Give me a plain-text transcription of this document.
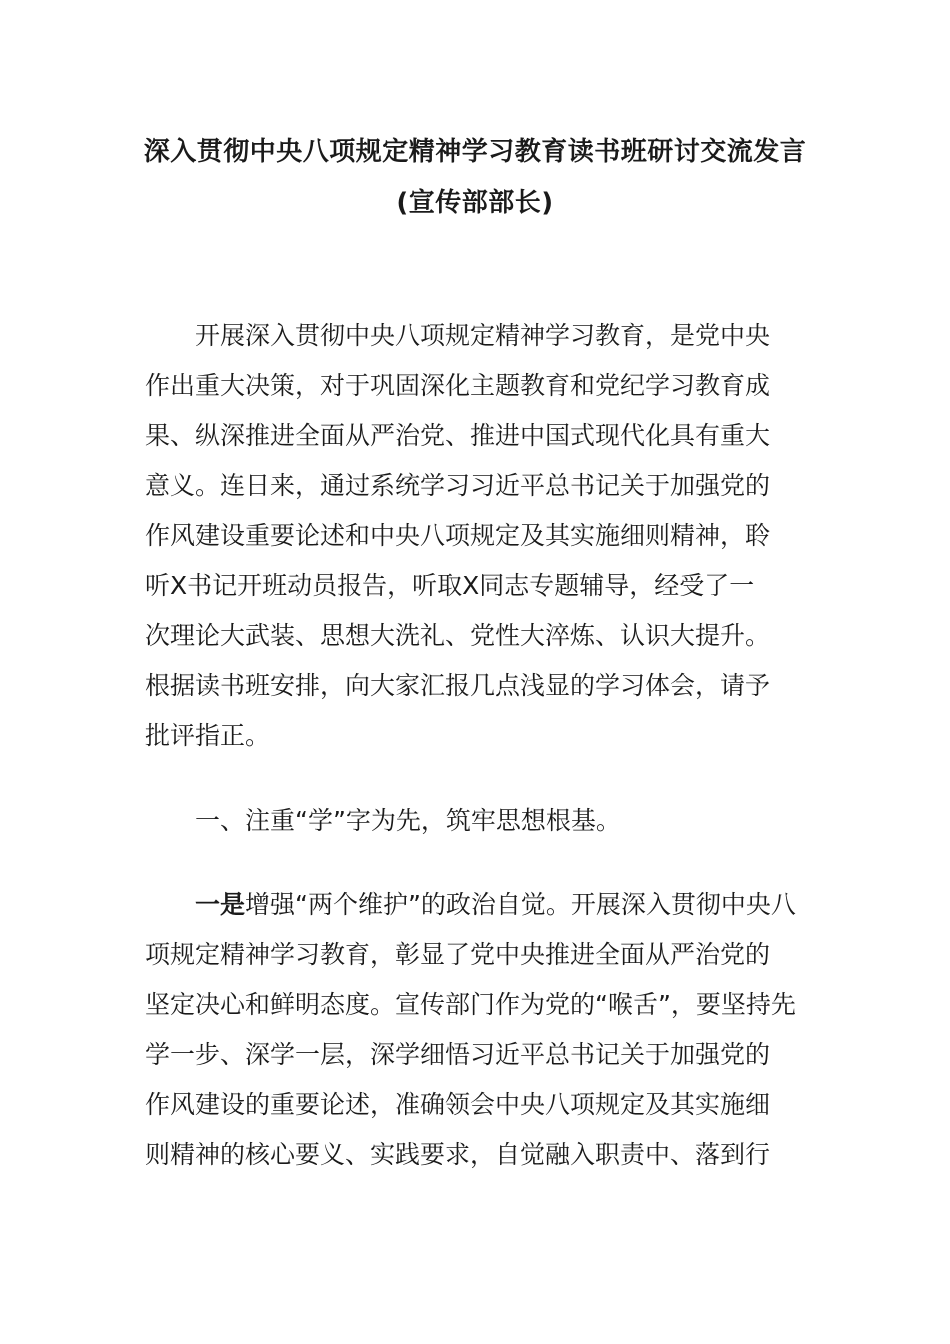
深入贯彻中央八项规定精神学习教育读书班研讨交流发言
(宣传部部长)
开展深入贯彻中央八项规定精神学习教育，是党中央
作出重大决策，对于巩固深化主题教育和党纪学习教育成
果、纵深推进全面从严治党、推进中国式现代化具有重大
意义。连日来，通过系统学习习近平总书记关于加强党的
作风建设重要论述和中央八项规定及其实施细则精神，聆
听X书记开班动员报告，听取X同志专题辅导，经受了一
次理论大武装、思想大洗礼、党性大淬炼、认识大提升。
根据读书班安排，向大家汇报几点浅显的学习体会，请予
批评指正。
一、注重“学”字为先，筑牢思想根基。
一是增强“两个维护”的政治自觉。开展深入贯彻中央八
项规定精神学习教育，彰显了党中央推进全面从严治党的
坚定决心和鲜明态度。宣传部门作为党的“喉舌”，要坚持先
学一步、深学一层，深学细悟习近平总书记关于加强党的
作风建设的重要论述，准确领会中央八项规定及其实施细
则精神的核心要义、实践要求，自觉融入职责中、落到行
